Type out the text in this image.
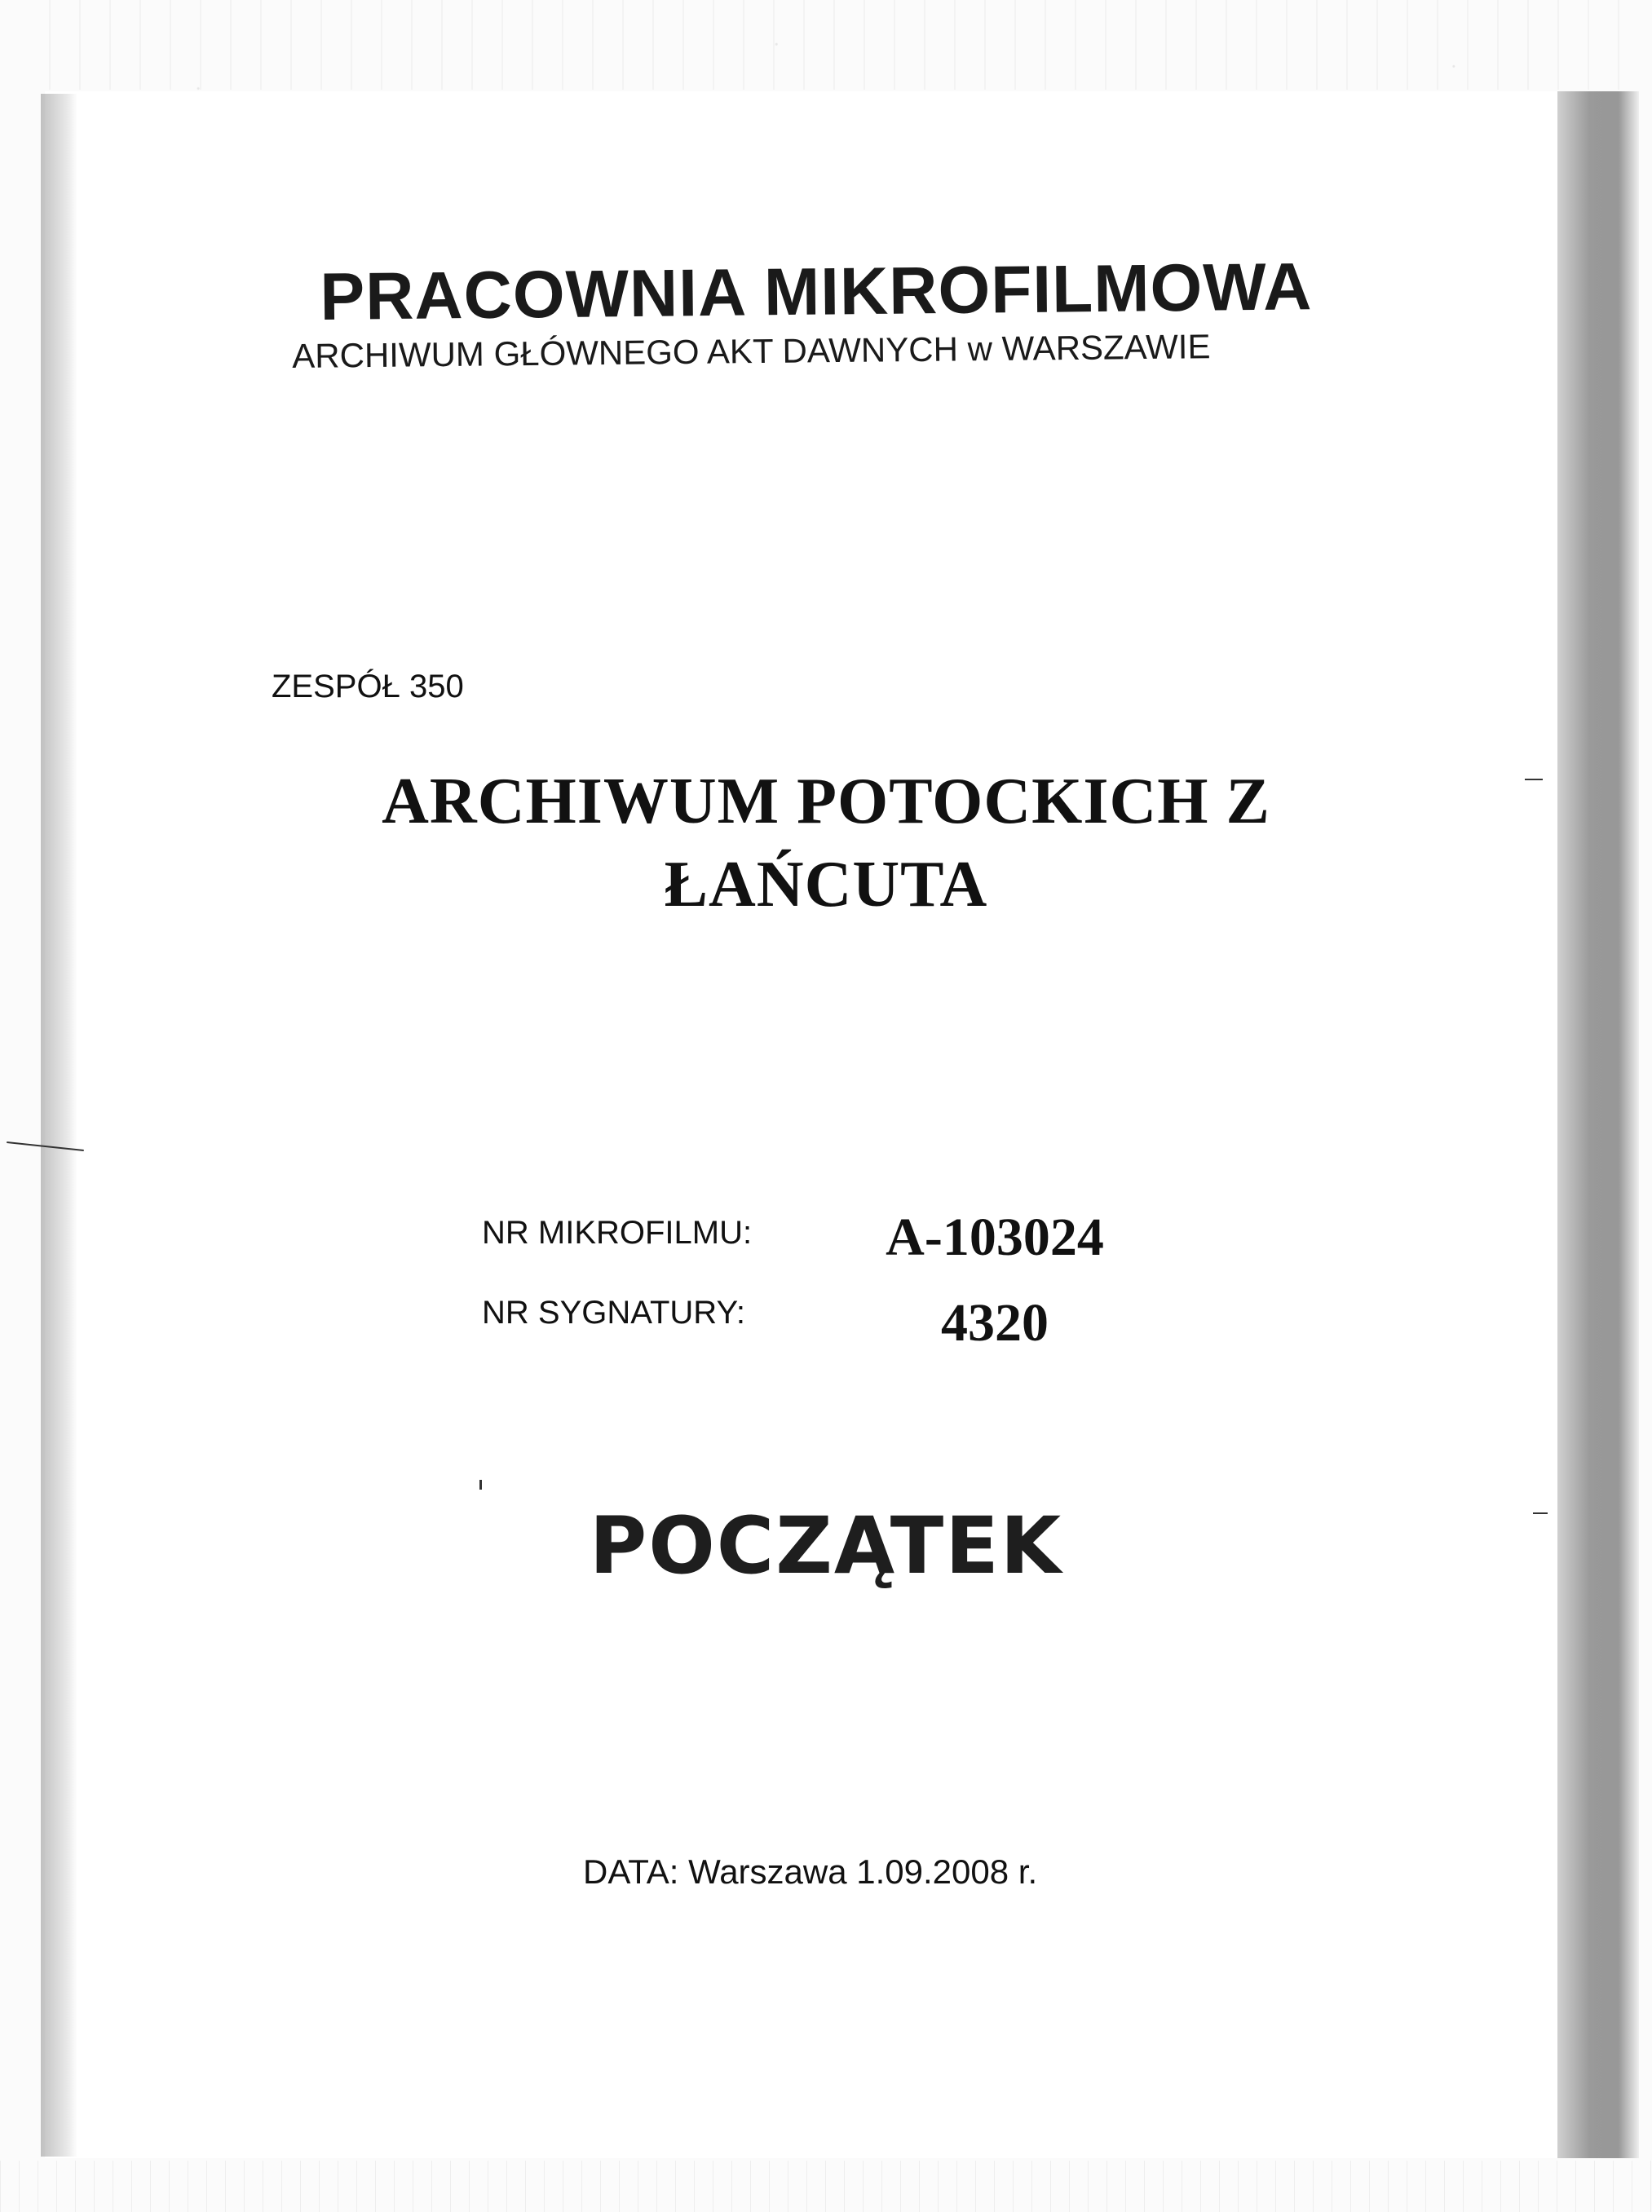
PRACOWNIA MIKROFILMOWA
ARCHIWUM GŁÓWNEGO AKT DAWNYCH w WARSZAWIE
ZESPÓŁ 350
ARCHIWUM POTOCKICH Z
ŁAŃCUTA
NR MIKROFILMU:	A-103024
NR SYGNATURY:	4320
POCZĄTEK
DATA: Warszawa 1.09.2008 r.
